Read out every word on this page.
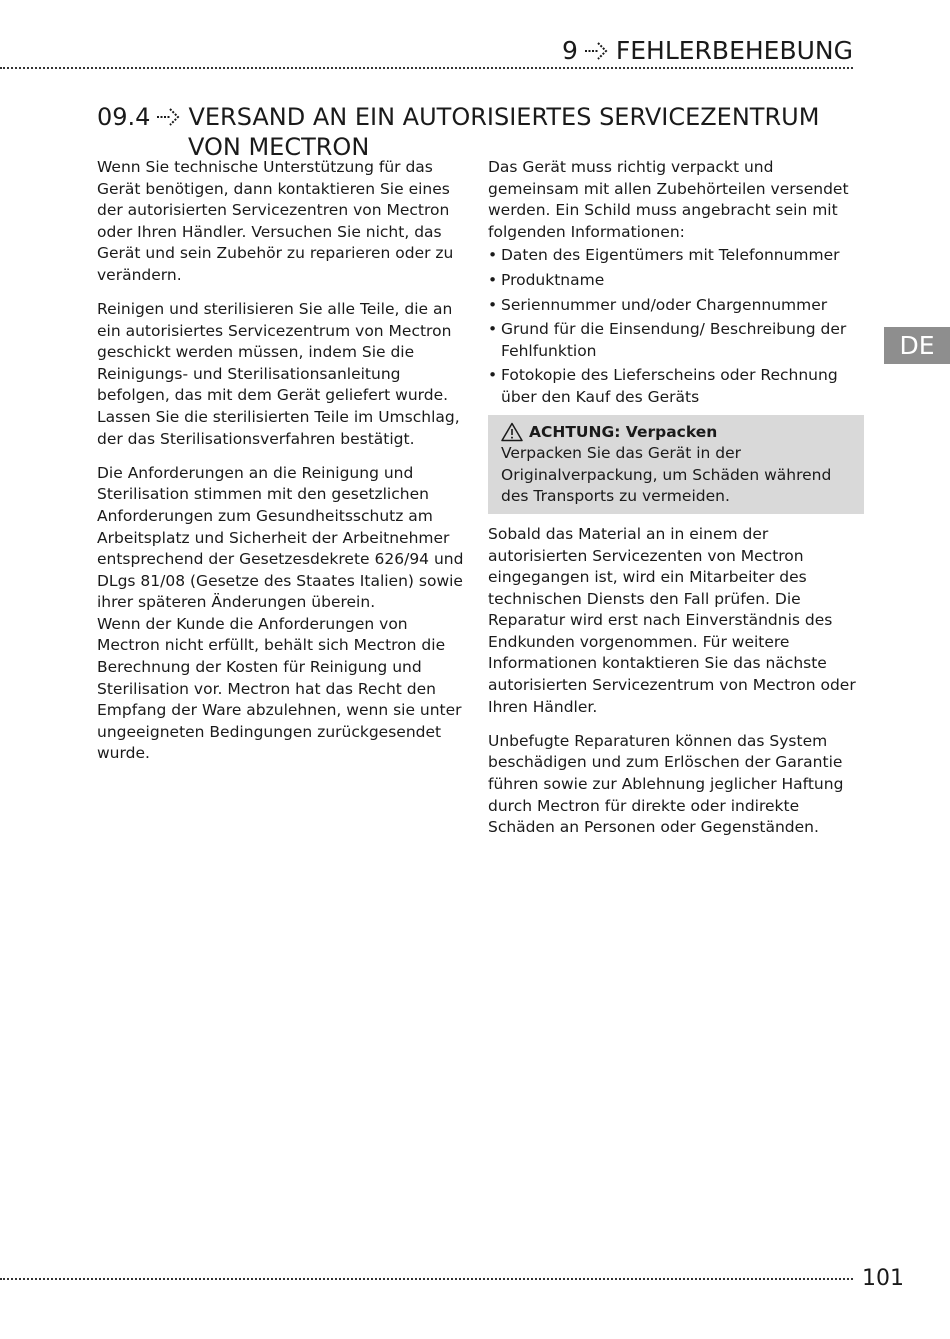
9 FEHLERBEHEBUNG
09.4 VERSAND AN EIN AUTORISIERTES SERVICEZENTRUM
VON MECTRON

Wenn Sie technische Unterstützung für das Gerät benötigen, dann kontaktieren Sie eines der autorisierten Servicezentren von Mectron oder Ihren Händler. Versuchen Sie nicht, das Gerät und sein Zubehör zu reparieren oder zu verändern.

Reinigen und sterilisieren Sie alle Teile, die an ein autorisiertes Servicezentrum von Mectron geschickt werden müssen, indem Sie die Reinigungs- und Sterilisationsanleitung befolgen, das mit dem Gerät geliefert wurde. Lassen Sie die sterilisierten Teile im Umschlag, der das Sterilisationsverfahren bestätigt.

Die Anforderungen an die Reinigung und Sterilisation stimmen mit den gesetzlichen Anforderungen zum Gesundheitsschutz am Arbeitsplatz und Sicherheit der Arbeitnehmer entsprechend der Gesetzesdekrete 626/94 und DLgs 81/08 (Gesetze des Staates Italien) sowie ihrer späteren Änderungen überein.

Wenn der Kunde die Anforderungen von Mectron nicht erfüllt, behält sich Mectron die Berechnung der Kosten für Reinigung und Sterilisation vor. Mectron hat das Recht den Empfang der Ware abzulehnen, wenn sie unter ungeeigneten Bedingungen zurückgesendet wurde.

Das Gerät muss richtig verpackt und gemeinsam mit allen Zubehörteilen versendet werden. Ein Schild muss angebracht sein mit folgenden Informationen:

• Daten des Eigentümers mit Telefonnummer
• Produktname
• Seriennummer und/oder Chargennummer
• Grund für die Einsendung/ Beschreibung der Fehlfunktion
• Fotokopie des Lieferscheins oder Rechnung über den Kauf des Geräts
ACHTUNG: Verpacken
Verpacken Sie das Gerät in der Originalverpackung, um Schäden während des Transports zu vermeiden.

Sobald das Material an in einem der autorisierten Servicezenten von Mectron eingegangen ist, wird ein Mitarbeiter des technischen Diensts den Fall prüfen. Die Reparatur wird erst nach Einverständnis des Endkunden vorgenommen. Für weitere Informationen kontaktieren Sie das nächste autorisierten Servicezentrum von Mectron oder Ihren Händler.

Unbefugte Reparaturen können das System beschädigen und zum Erlöschen der Garantie führen sowie zur Ablehnung jeglicher Haftung durch Mectron für direkte oder indirekte Schäden an Personen oder Gegenständen.

DE
101
